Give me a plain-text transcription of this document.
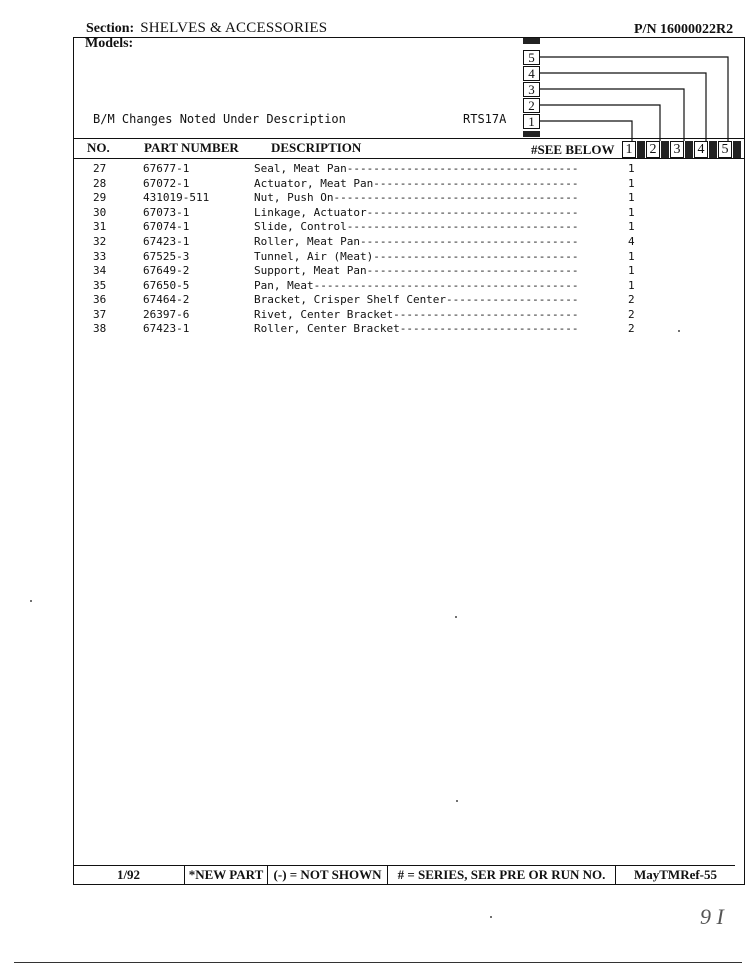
Section: SHELVES & ACCESSORIES	P/N 16000022R2
Models:
B/M Changes Noted Under Description	RTS17A
5
4
3
2
1
NO.	PART NUMBER DESCRIPTION	#SEE BELOW 1 2 3 4 5
27	67677-1	Seal, Meat Pan-----------------------------------	1
28	67072-1	Actuator, Meat Pan-------------------------------	1
29	431019-511	Nut, Push On-------------------------------------	1
30	67073-1	Linkage, Actuator--------------------------------	1
31	67074-1	Slide, Control-----------------------------------	1
32	67423-1	Roller, Meat Pan---------------------------------	4
33	67525-3	Tunnel, Air (Meat)-------------------------------	1
34	67649-2	Support, Meat Pan--------------------------------	1
35	67650-5	Pan, Meat----------------------------------------	1
36	67464-2	Bracket, Crisper Shelf Center--------------------	2
37	26397-6	Rivet, Center Bracket----------------------------	2
38	67423-1	Roller, Center Bracket---------------------------	2
1/92	*NEW PART (-) = NOT SHOWN	# = SERIES, SER PRE OR RUN NO.	MayTMRef-55
9 I
